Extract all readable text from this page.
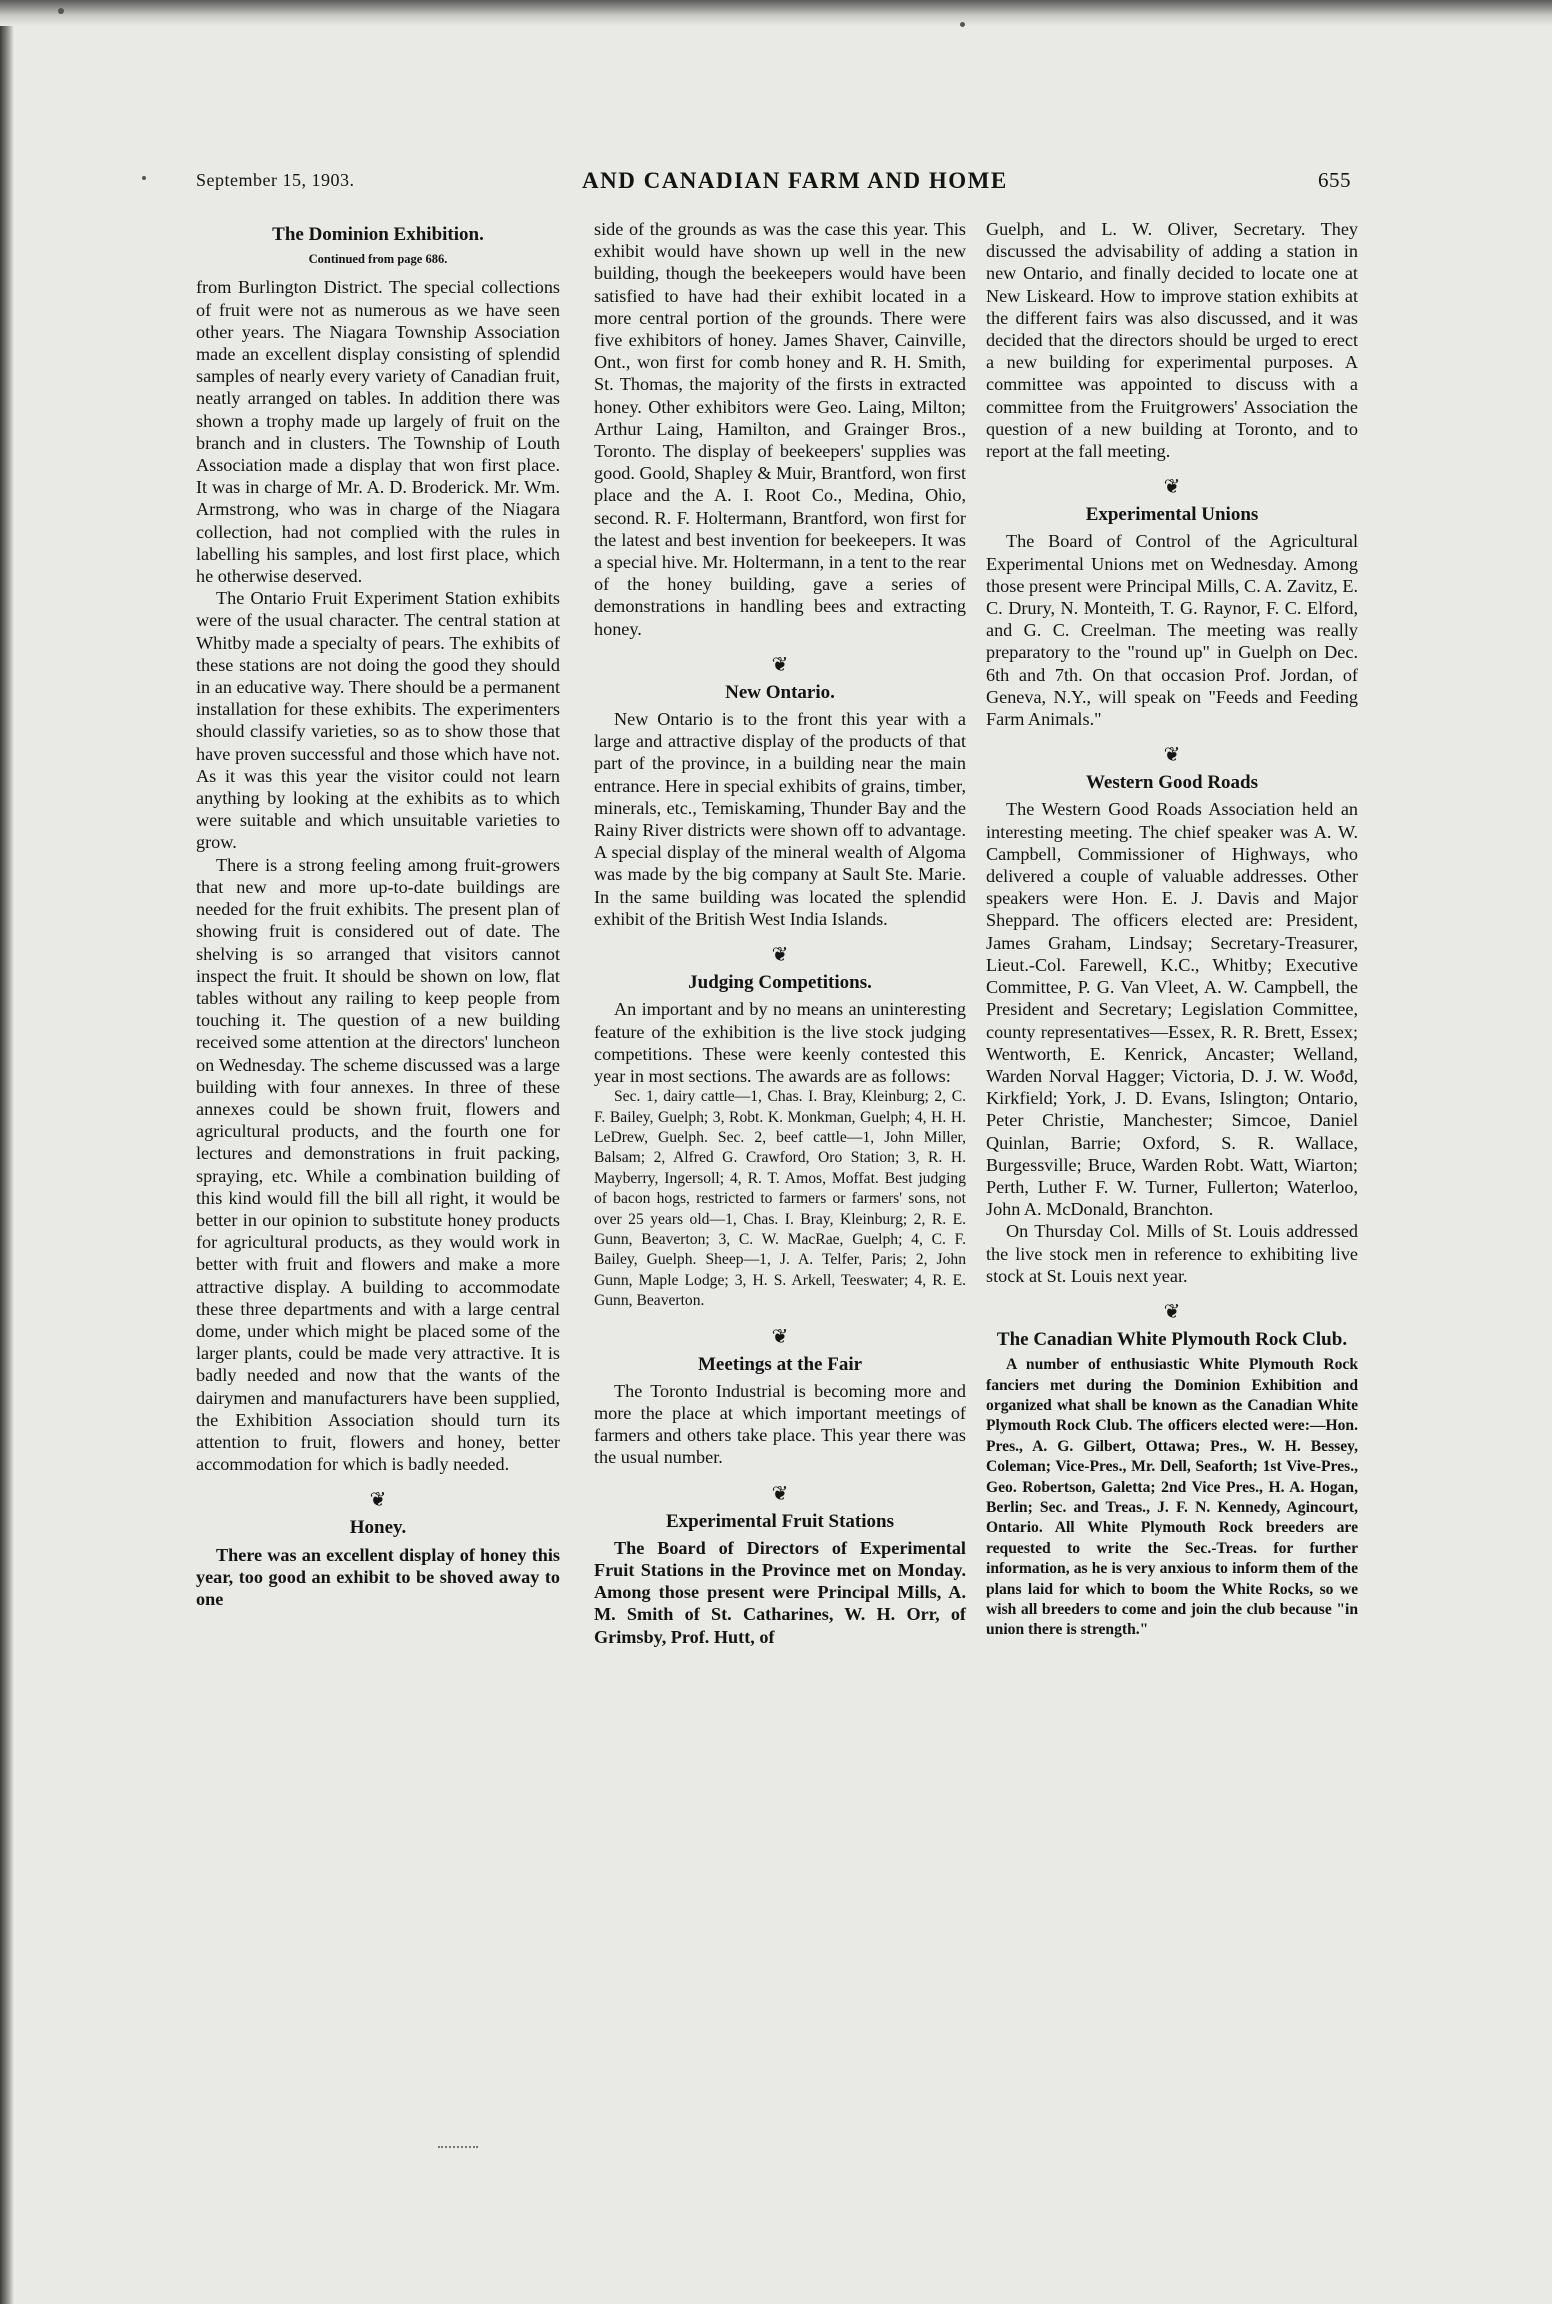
September 15, 1903.	AND CANADIAN FARM AND HOME	655
The Dominion Exhibition.
Continued from page 686.

from Burlington District. The special collections of fruit were not as numerous as we have seen other years. The Niagara Township Association made an excellent display consisting of splendid samples of nearly every variety of Canadian fruit, neatly arranged on tables. In addition there was shown a trophy made up largely of fruit on the branch and in clusters. The Township of Louth Association made a display that won first place. It was in charge of Mr. A. D. Broderick. Mr. Wm. Armstrong, who was in charge of the Niagara collection, had not complied with the rules in labelling his samples, and lost first place, which he otherwise deserved.

The Ontario Fruit Experiment Station exhibits were of the usual character. The central station at Whitby made a specialty of pears. The exhibits of these stations are not doing the good they should in an educative way. There should be a permanent installation for these exhibits. The experimenters should classify varieties, so as to show those that have proven successful and those which have not. As it was this year the visitor could not learn anything by looking at the exhibits as to which were suitable and which unsuitable varieties to grow.

There is a strong feeling among fruit-growers that new and more up-to-date buildings are needed for the fruit exhibits. The present plan of showing fruit is considered out of date. The shelving is so arranged that visitors cannot inspect the fruit. It should be shown on low, flat tables without any railing to keep people from touching it. The question of a new building received some attention at the directors' luncheon on Wednesday. The scheme discussed was a large building with four annexes. In three of these annexes could be shown fruit, flowers and agricultural products, and the fourth one for lectures and demonstrations in fruit packing, spraying, etc. While a combination building of this kind would fill the bill all right, it would be better in our opinion to substitute honey products for agricultural products, as they would work in better with fruit and flowers and make a more attractive display. A building to accommodate these three departments and with a large central dome, under which might be placed some of the larger plants, could be made very attractive. It is badly needed and now that the wants of the dairymen and manufacturers have been supplied, the Exhibition Association should turn its attention to fruit, flowers and honey, better accommodation for which is badly needed.

❦
Honey.

There was an excellent display of honey this year, too good an exhibit to be shoved away to one

side of the grounds as was the case this year. This exhibit would have shown up well in the new building, though the beekeepers would have been satisfied to have had their exhibit located in a more central portion of the grounds. There were five exhibitors of honey. James Shaver, Cainville, Ont., won first for comb honey and R. H. Smith, St. Thomas, the majority of the firsts in extracted honey. Other exhibitors were Geo. Laing, Milton; Arthur Laing, Hamilton, and Grainger Bros., Toronto. The display of beekeepers' supplies was good. Goold, Shapley & Muir, Brantford, won first place and the A. I. Root Co., Medina, Ohio, second. R. F. Holtermann, Brantford, won first for the latest and best invention for beekeepers. It was a special hive. Mr. Holtermann, in a tent to the rear of the honey building, gave a series of demonstrations in handling bees and extracting honey.

❦
New Ontario.

New Ontario is to the front this year with a large and attractive display of the products of that part of the province, in a building near the main entrance. Here in special exhibits of grains, timber, minerals, etc., Temiskaming, Thunder Bay and the Rainy River districts were shown off to advantage. A special display of the mineral wealth of Algoma was made by the big company at Sault Ste. Marie. In the same building was located the splendid exhibit of the British West India Islands.

❦
Judging Competitions.

An important and by no means an uninteresting feature of the exhibition is the live stock judging competitions. These were keenly contested this year in most sections. The awards are as follows:

Sec. 1, dairy cattle—1, Chas. I. Bray, Kleinburg; 2, C. F. Bailey, Guelph; 3, Robt. K. Monkman, Guelph; 4, H. H. LeDrew, Guelph. Sec. 2, beef cattle—1, John Miller, Balsam; 2, Alfred G. Crawford, Oro Station; 3, R. H. Mayberry, Ingersoll; 4, R. T. Amos, Moffat. Best judging of bacon hogs, restricted to farmers or farmers' sons, not over 25 years old—1, Chas. I. Bray, Kleinburg; 2, R. E. Gunn, Beaverton; 3, C. W. MacRae, Guelph; 4, C. F. Bailey, Guelph. Sheep—1, J. A. Telfer, Paris; 2, John Gunn, Maple Lodge; 3, H. S. Arkell, Teeswater; 4, R. E. Gunn, Beaverton.

❦
Meetings at the Fair

The Toronto Industrial is becoming more and more the place at which important meetings of farmers and others take place. This year there was the usual number.

❦
Experimental Fruit Stations

The Board of Directors of Experimental Fruit Stations in the Province met on Monday. Among those present were Principal Mills, A. M. Smith of St. Catharines, W. H. Orr, of Grimsby, Prof. Hutt, of

Guelph, and L. W. Oliver, Secretary. They discussed the advisability of adding a station in new Ontario, and finally decided to locate one at New Liskeard. How to improve station exhibits at the different fairs was also discussed, and it was decided that the directors should be urged to erect a new building for experimental purposes. A committee was appointed to discuss with a committee from the Fruitgrowers' Association the question of a new building at Toronto, and to report at the fall meeting.

❦
Experimental Unions

The Board of Control of the Agricultural Experimental Unions met on Wednesday. Among those present were Principal Mills, C. A. Zavitz, E. C. Drury, N. Monteith, T. G. Raynor, F. C. Elford, and G. C. Creelman. The meeting was really preparatory to the "round up" in Guelph on Dec. 6th and 7th. On that occasion Prof. Jordan, of Geneva, N.Y., will speak on "Feeds and Feeding Farm Animals."

❦
Western Good Roads

The Western Good Roads Association held an interesting meeting. The chief speaker was A. W. Campbell, Commissioner of Highways, who delivered a couple of valuable addresses. Other speakers were Hon. E. J. Davis and Major Sheppard. The officers elected are: President, James Graham, Lindsay; Secretary-Treasurer, Lieut.-Col. Farewell, K.C., Whitby; Executive Committee, P. G. Van Vleet, A. W. Campbell, the President and Secretary; Legislation Committee, county representatives—Essex, R. R. Brett, Essex; Wentworth, E. Kenrick, Ancaster; Welland, Warden Norval Hagger; Victoria, D. J. W. Wood, Kirkfield; York, J. D. Evans, Islington; Ontario, Peter Christie, Manchester; Simcoe, Daniel Quinlan, Barrie; Oxford, S. R. Wallace, Burgessville; Bruce, Warden Robt. Watt, Wiarton; Perth, Luther F. W. Turner, Fullerton; Waterloo, John A. McDonald, Branchton.

On Thursday Col. Mills of St. Louis addressed the live stock men in reference to exhibiting live stock at St. Louis next year.

❦
The Canadian White Plymouth Rock Club.

A number of enthusiastic White Plymouth Rock fanciers met during the Dominion Exhibition and organized what shall be known as the Canadian White Plymouth Rock Club. The officers elected were:—Hon. Pres., A. G. Gilbert, Ottawa; Pres., W. H. Bessey, Coleman; Vice-Pres., Mr. Dell, Seaforth; 1st Vive-Pres., Geo. Robertson, Galetta; 2nd Vice Pres., H. A. Hogan, Berlin; Sec. and Treas., J. F. N. Kennedy, Agincourt, Ontario. All White Plymouth Rock breeders are requested to write the Sec.-Treas. for further information, as he is very anxious to inform them of the plans laid for which to boom the White Rocks, so we wish all breeders to come and join the club because "in union there is strength."
